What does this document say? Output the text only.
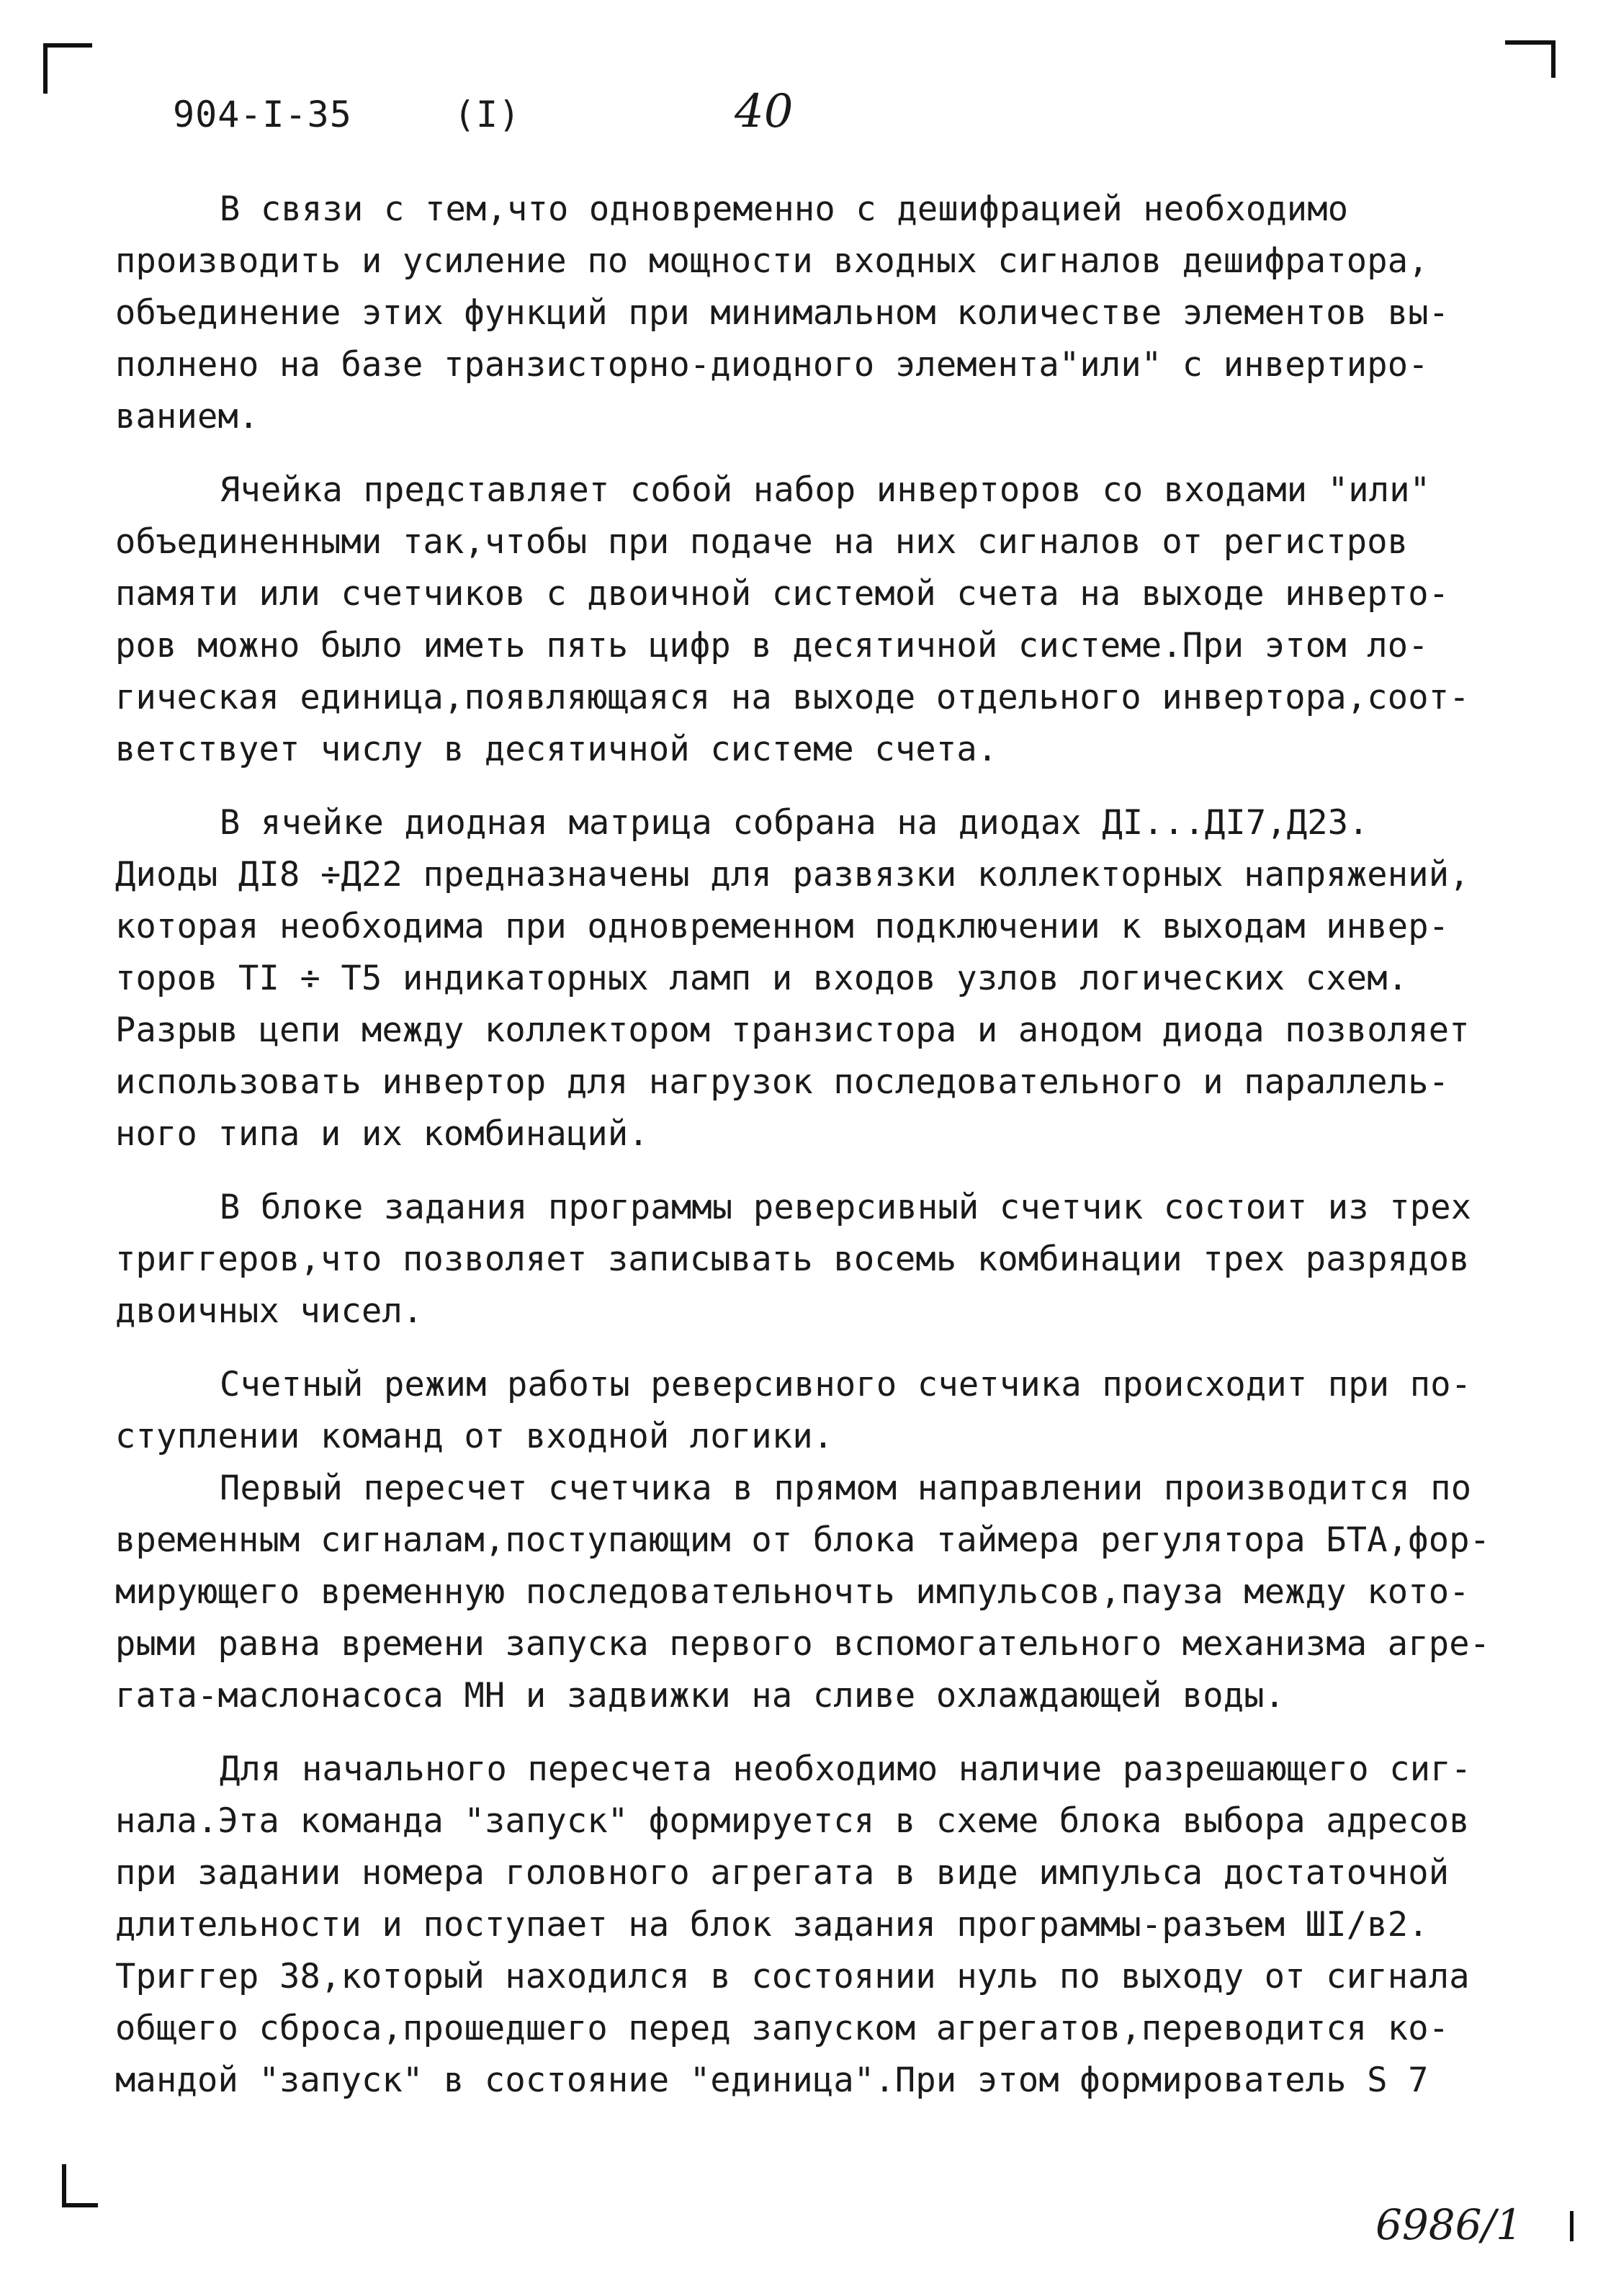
904-I-35	(I)	40
В связи с тем,что одновременно с дешифрацией необходимо
производить и усиление по мощности входных сигналов дешифратора,
объединение этих функций при минимальном количестве элементов вы-
полнено на базе транзисторно-диодного элемента"или" с инвертиро-
ванием.
Ячейка представляет собой набор инверторов со входами "или"
объединенными так,чтобы при подаче на них сигналов от регистров
памяти или счетчиков с двоичной системой счета на выходе инверто-
ров можно было иметь пять цифр в десятичной системе.При этом ло-
гическая единица,появляющаяся на выходе отдельного инвертора,соот-
ветствует числу в десятичной системе счета.
В ячейке диодная матрица собрана на диодах ДI...ДI7,Д23.
Диоды ДI8 ÷Д22 предназначены для развязки коллекторных напряжений,
которая необходима при одновременном подключении к выходам инвер-
торов TI ÷ T5 индикаторных ламп и входов узлов логических схем.
Разрыв цепи между коллектором транзистора и анодом диода позволяет
использовать инвертор для нагрузок последовательного и параллель-
ного типа и их комбинаций.
В блоке задания программы реверсивный счетчик состоит из трех
триггеров,что позволяет записывать восемь комбинации трех разрядов
двоичных чисел.
Счетный режим работы реверсивного счетчика происходит при по-
ступлении команд от входной логики.
Первый пересчет счетчика в прямом направлении производится по
временным сигналам,поступающим от блока таймера регулятора БТА,фор-
мирующего временную последовательночть импульсов,пауза между кото-
рыми равна времени запуска первого вспомогательного механизма агре-
гата-маслонасоса МН и задвижки на сливе охлаждающей воды.
Для начального пересчета необходимо наличие разрешающего сиг-
нала.Эта команда "запуск" формируется в схеме блока выбора адресов
при задании номера головного агрегата в виде импульса достаточной
длительности и поступает на блок задания программы-разъем ШI/в2.
Триггер 38,который находился в состоянии нуль по выходу от сигнала
общего сброса,прошедшего перед запуском агрегатов,переводится ко-
мандой "запуск" в состояние "единица".При этом формирователь S 7
6986/1
